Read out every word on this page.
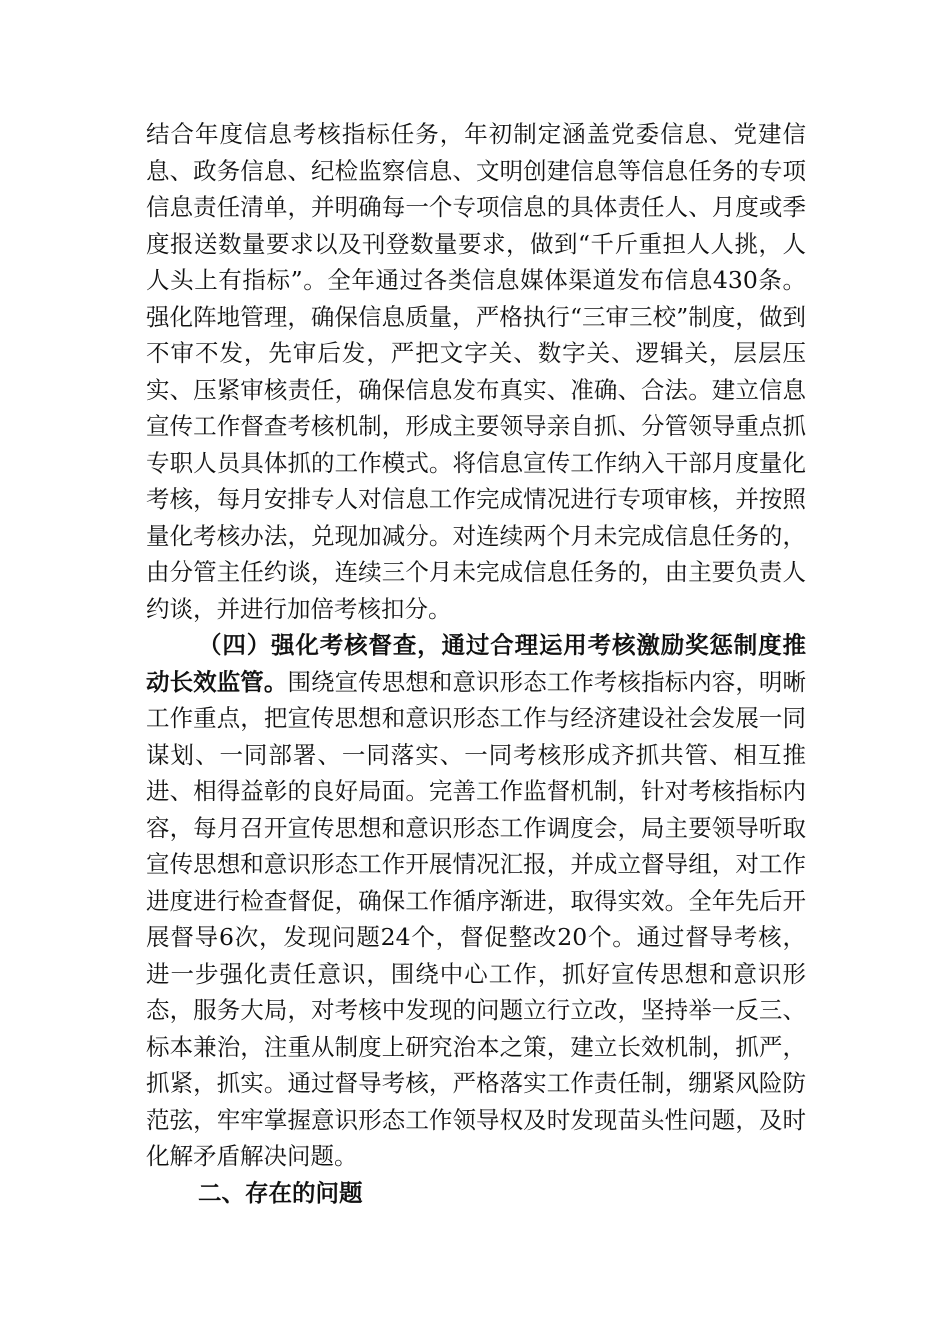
结合年度信息考核指标任务，年初制定涵盖党委信息、党建信息、政务信息、纪检监察信息、文明创建信息等信息任务的专项信息责任清单，并明确每一个专项信息的具体责任人、月度或季度报送数量要求以及刊登数量要求，做到“千斤重担人人挑，人人头上有指标”。全年通过各类信息媒体渠道发布信息430条。强化阵地管理，确保信息质量，严格执行“三审三校”制度，做到不审不发，先审后发，严把文字关、数字关、逻辑关，层层压实、压紧审核责任，确保信息发布真实、准确、合法。建立信息宣传工作督查考核机制，形成主要领导亲自抓、分管领导重点抓专职人员具体抓的工作模式。将信息宣传工作纳入干部月度量化考核，每月安排专人对信息工作完成情况进行专项审核，并按照量化考核办法，兑现加减分。对连续两个月未完成信息任务的，由分管主任约谈，连续三个月未完成信息任务的，由主要负责人约谈，并进行加倍考核扣分。

（四）强化考核督查，通过合理运用考核激励奖惩制度推动长效监管。围绕宣传思想和意识形态工作考核指标内容，明晰工作重点，把宣传思想和意识形态工作与经济建设社会发展一同谋划、一同部署、一同落实、一同考核形成齐抓共管、相互推进、相得益彰的良好局面。完善工作监督机制，针对考核指标内容，每月召开宣传思想和意识形态工作调度会，局主要领导听取宣传思想和意识形态工作开展情况汇报，并成立督导组，对工作进度进行检查督促，确保工作循序渐进，取得实效。全年先后开展督导6次，发现问题24个，督促整改20个。通过督导考核，进一步强化责任意识，围绕中心工作，抓好宣传思想和意识形态，服务大局，对考核中发现的问题立行立改，坚持举一反三、标本兼治，注重从制度上研究治本之策，建立长效机制，抓严，抓紧，抓实。通过督导考核，严格落实工作责任制，绷紧风险防范弦，牢牢掌握意识形态工作领导权及时发现苗头性问题，及时化解矛盾解决问题。

二、存在的问题
